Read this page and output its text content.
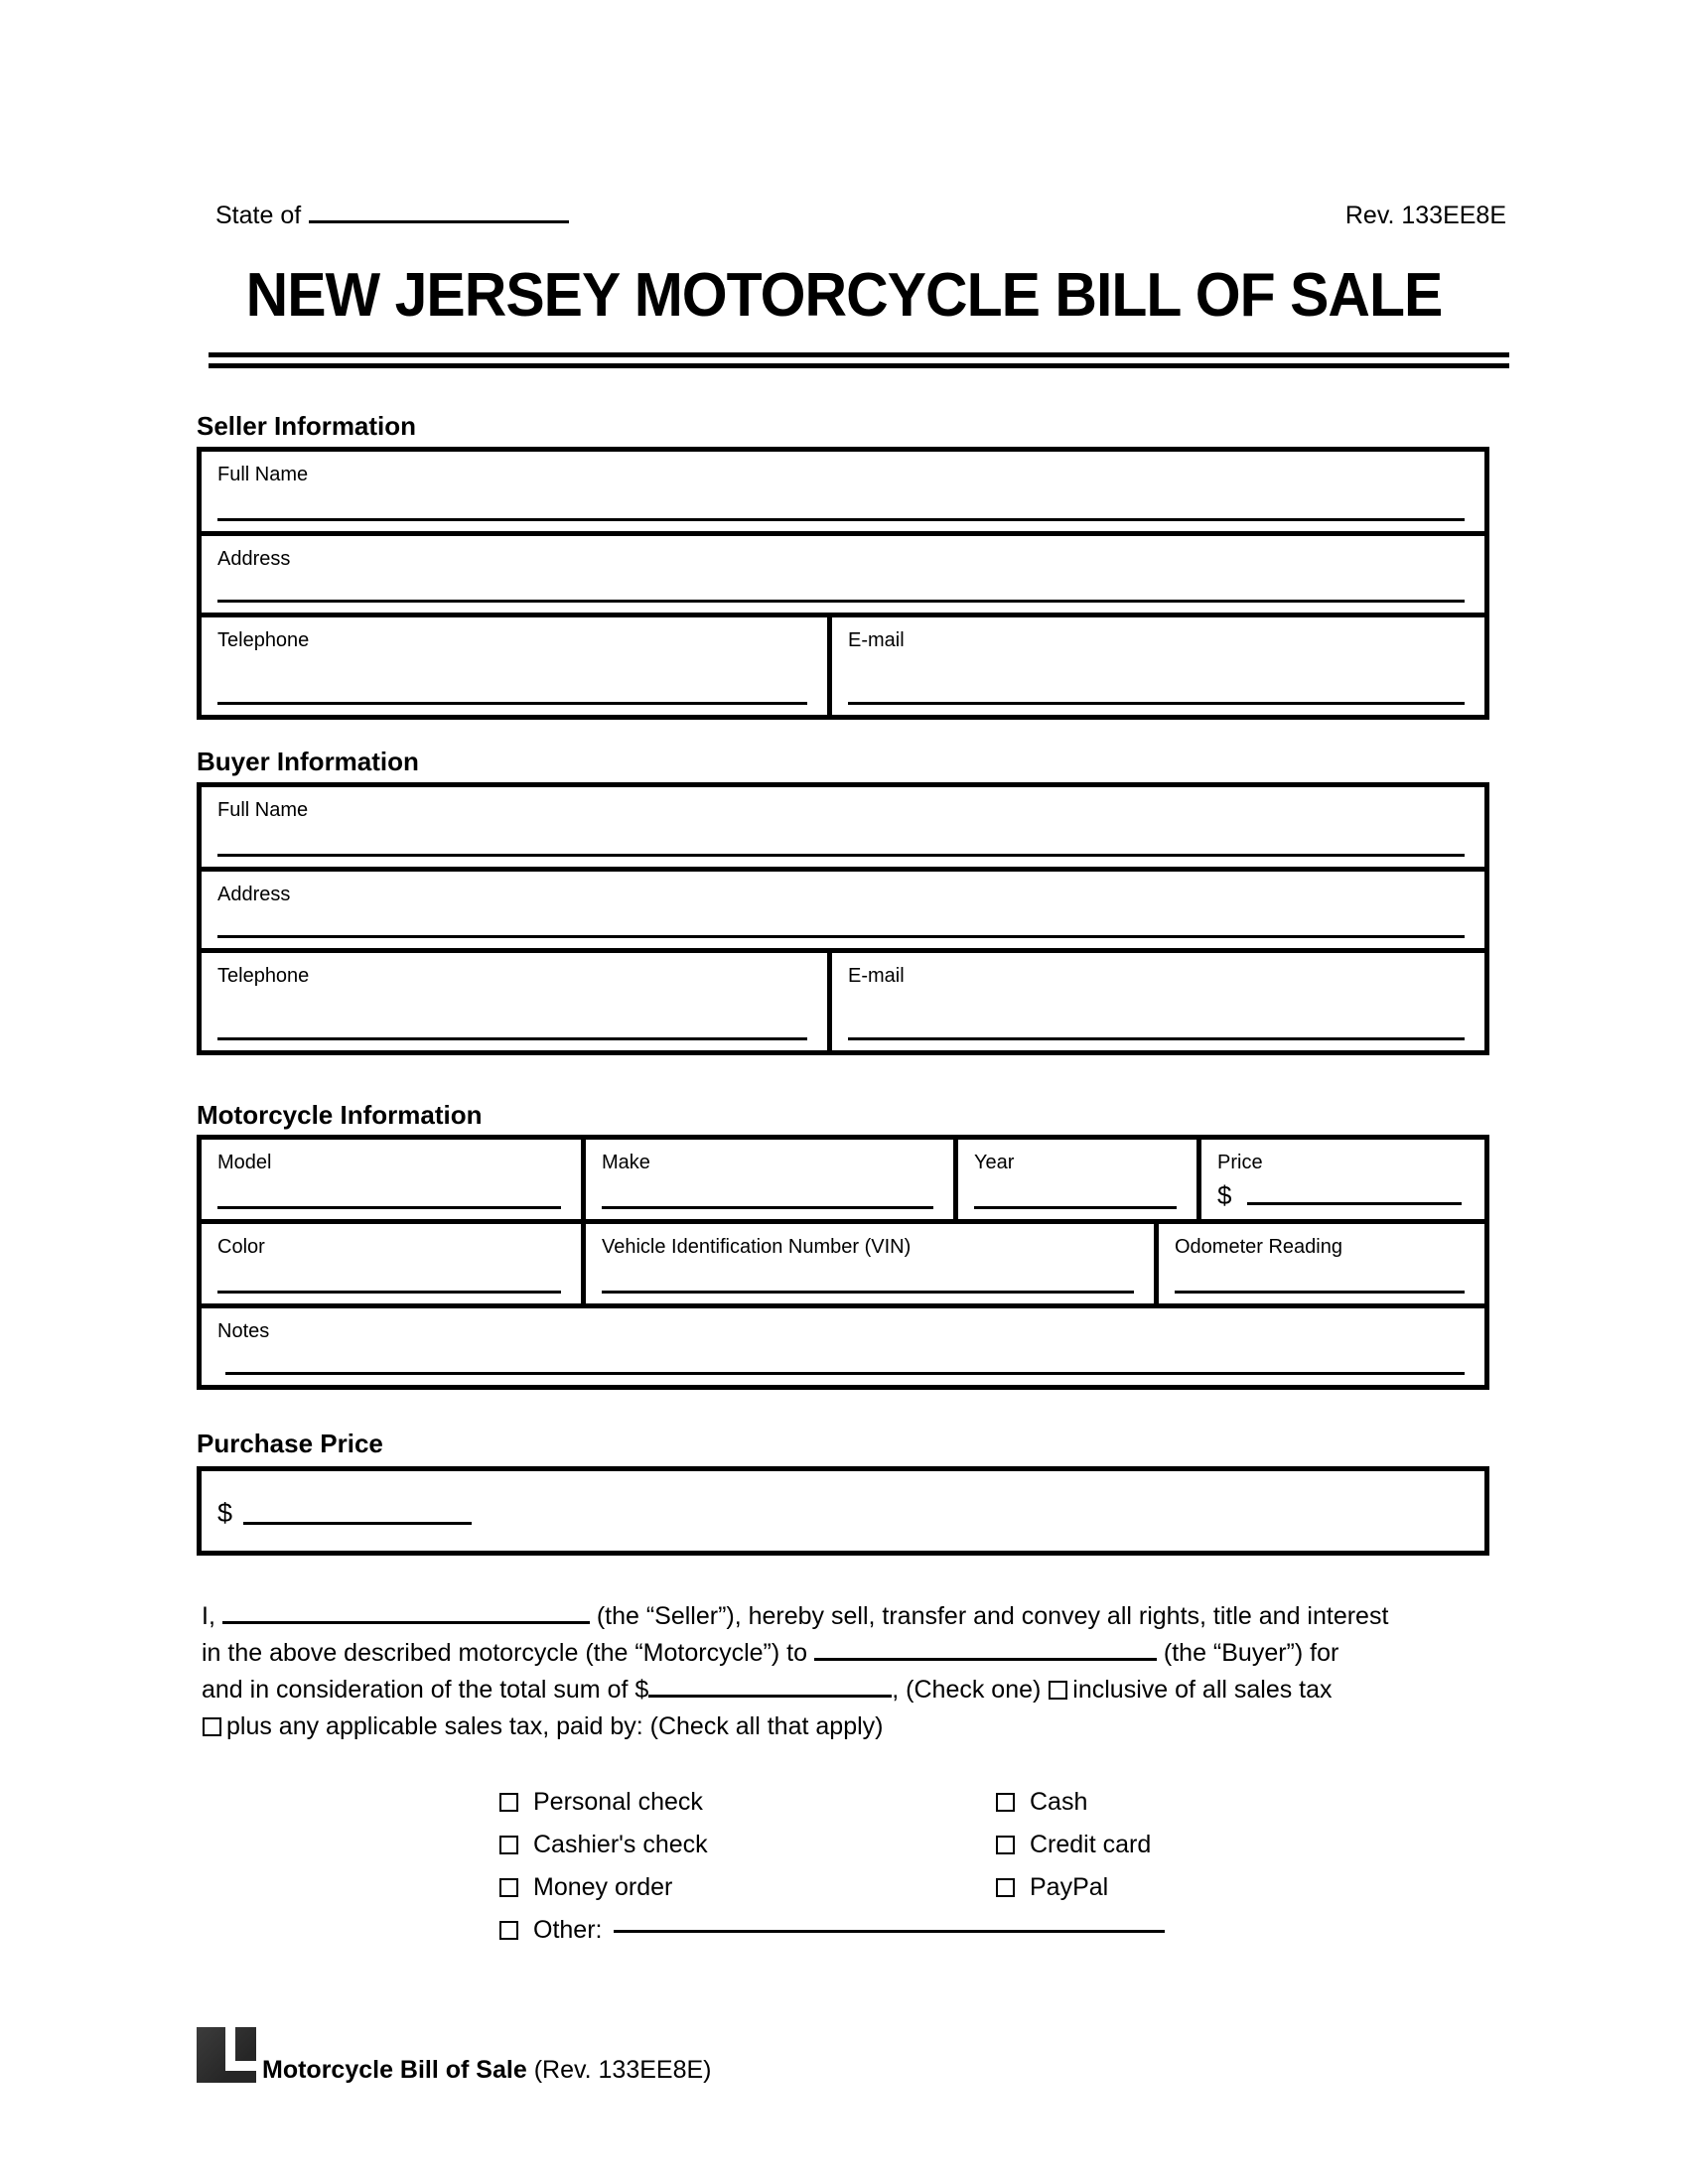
State of	Rev. 133EE8E
NEW JERSEY MOTORCYCLE BILL OF SALE
Seller Information
Full Name
Address
Telephone	E-mail
Buyer Information
Full Name
Address
Telephone	E-mail
Motorcycle Information
Model	Make	Year	Price
$
Color	Vehicle Identification Number (VIN)	Odometer Reading
Notes
Purchase Price
$
I,	(the “Seller”), hereby sell, transfer and convey all rights, title and interest
in the above described motorcycle (the “Motorcycle”) to	(the “Buyer”) for
and in consideration of the total sum of $	, (Check one) inclusive of all sales tax
plus any applicable sales tax, paid by: (Check all that apply)
Personal check
Cashier's check
Money order
Other:
Cash
Credit card
PayPal
Motorcycle Bill of Sale (Rev. 133EE8E)
